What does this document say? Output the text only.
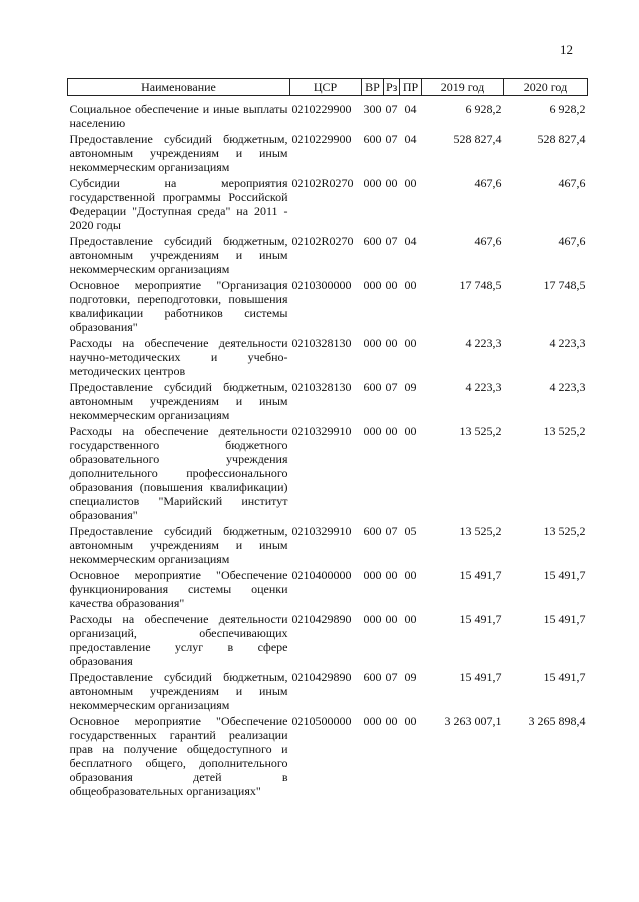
12
Наименование	ЦСР	ВР	Рз	ПР	2019 год	2020 год

Социальное обеспечение и иные выплаты населению	0210229900	300	07	04	6 928,2	6 928,2
Предоставление субсидий бюджетным, автономным учреждениям и иным некоммерческим организациям	0210229900	600	07	04	528 827,4	528 827,4
Субсидии на мероприятия государственной программы Российской Федерации "Доступная среда" на 2011 - 2020 годы	02102R0270	000	00	00	467,6	467,6
Предоставление субсидий бюджетным, автономным учреждениям и иным некоммерческим организациям	02102R0270	600	07	04	467,6	467,6
Основное мероприятие "Организация подготовки, переподготовки, повышения квалификации работников системы образования"	0210300000	000	00	00	17 748,5	17 748,5
Расходы на обеспечение деятельности научно-методических и учебно-методических центров	0210328130	000	00	00	4 223,3	4 223,3
Предоставление субсидий бюджетным, автономным учреждениям и иным некоммерческим организациям	0210328130	600	07	09	4 223,3	4 223,3
Расходы на обеспечение деятельности государственного бюджетного образовательного учреждения дополнительного профессионального образования (повышения квалификации) специалистов "Марийский институт образования"	0210329910	000	00	00	13 525,2	13 525,2
Предоставление субсидий бюджетным, автономным учреждениям и иным некоммерческим организациям	0210329910	600	07	05	13 525,2	13 525,2
Основное мероприятие "Обеспечение функционирования системы оценки качества образования"	0210400000	000	00	00	15 491,7	15 491,7
Расходы на обеспечение деятельности организаций, обеспечивающих предоставление услуг в сфере образования	0210429890	000	00	00	15 491,7	15 491,7
Предоставление субсидий бюджетным, автономным учреждениям и иным некоммерческим организациям	0210429890	600	07	09	15 491,7	15 491,7
Основное мероприятие "Обеспечение государственных гарантий реализации прав на получение общедоступного и бесплатного общего, дополнительного образования детей в общеобразовательных организациях"	0210500000	000	00	00	3 263 007,1	3 265 898,4
